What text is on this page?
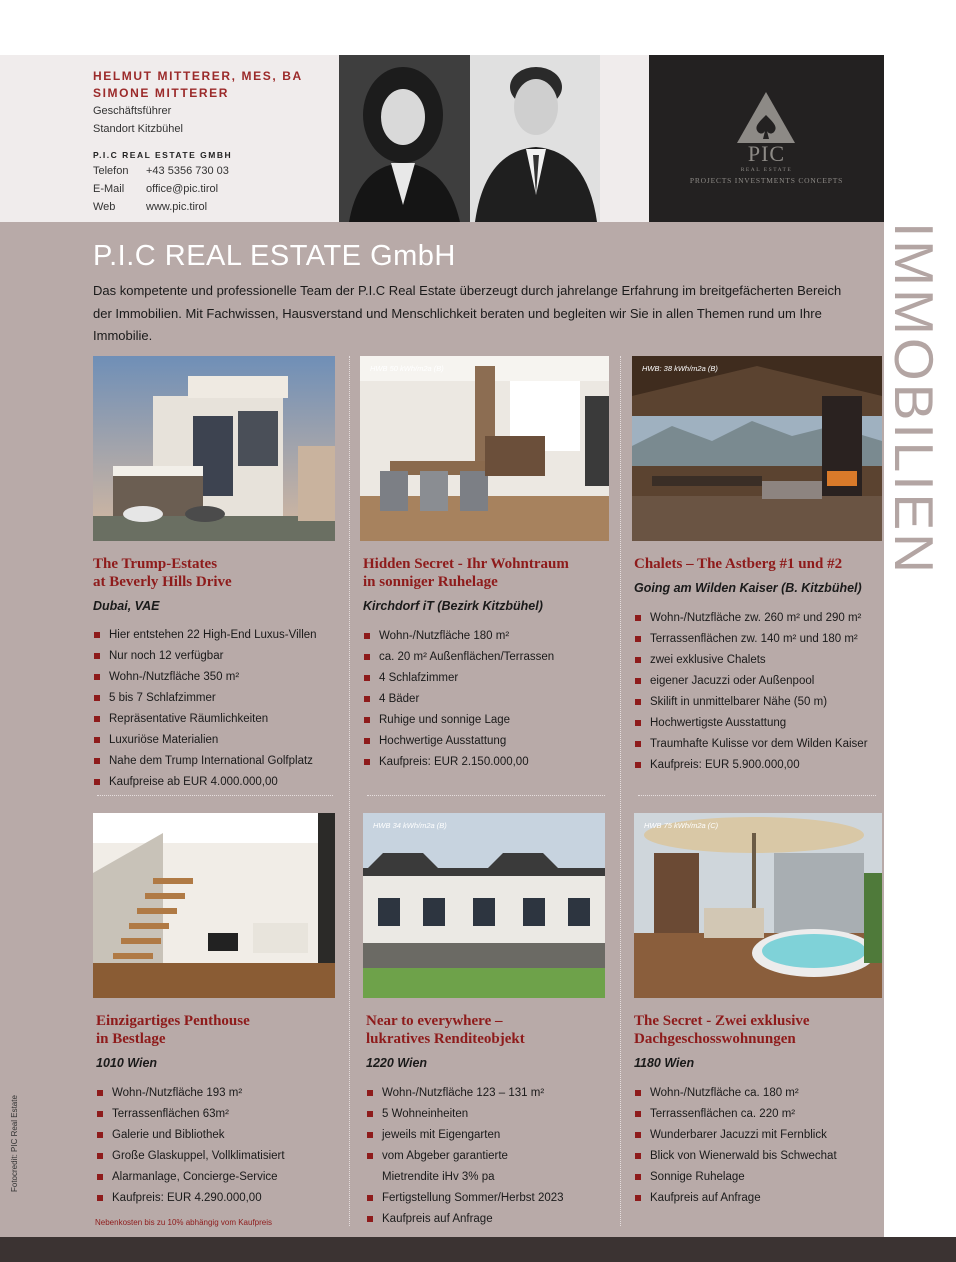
HELMUT MITTERER, MES, BA
SIMONE MITTERER
Geschäftsführer
Standort Kitzbühel
P.I.C REAL ESTATE GMBH
Telefon +43 5356 730 03
E-Mail office@pic.tirol
Web	www.pic.tirol
PIC
REAL ESTATE
PROJECTS INVESTMENTS CONCEPTS
IMMOBILIEN
P.I.C REAL ESTATE GmbH
Das kompetente und professionelle Team der P.I.C Real Estate überzeugt durch jahrelange Erfahrung im breitgefächerten Bereich der Immobilien. Mit Fachwissen, Hausverstand und Menschlichkeit beraten und begleiten wir Sie in allen Themen rund um Ihre Immobilie.
HWB 50 kWh/m2a (B)	HWB: 38 kWh/m2a (B)
The Trump-Estates
at Beverly Hills Drive
Dubai, VAE
Hier entstehen 22 High-End Luxus-Villen
Nur noch 12 verfügbar
Wohn-/Nutzfläche 350 m²
5 bis 7 Schlafzimmer
Repräsentative Räumlichkeiten
Luxuriöse Materialien
Nahe dem Trump International Golfplatz
Kaufpreise ab EUR 4.000.000,00
Hidden Secret - Ihr Wohntraum
in sonniger Ruhelage
Kirchdorf iT (Bezirk Kitzbühel)
Wohn-/Nutzfläche 180 m²
ca. 20 m² Außenflächen/Terrassen
4 Schlafzimmer
4 Bäder
Ruhige und sonnige Lage
Hochwertige Ausstattung
Kaufpreis: EUR 2.150.000,00
Chalets – The Astberg #1 und #2
Going am Wilden Kaiser (B. Kitzbühel)
Wohn-/Nutzfläche zw. 260 m² und 290 m²
Terrassenflächen zw. 140 m² und 180 m²
zwei exklusive Chalets
eigener Jacuzzi oder Außenpool
Skilift in unmittelbarer Nähe (50 m)
Hochwertigste Ausstattung
Traumhafte Kulisse vor dem Wilden Kaiser
Kaufpreis: EUR 5.900.000,00
HWB 109 kWh/m2a (D)	HWB 34 kWh/m2a (B)	HWB 75 kWh/m2a (C)
Einzigartiges Penthouse
in Bestlage
1010 Wien
Wohn-/Nutzfläche 193 m²
Terrassenflächen 63m²
Galerie und Bibliothek
Große Glaskuppel, Vollklimatisiert
Alarmanlage, Concierge-Service
Kaufpreis: EUR 4.290.000,00
Near to everywhere –
lukratives Renditeobjekt
1220 Wien
Wohn-/Nutzfläche 123 – 131 m²
5 Wohneinheiten
jeweils mit Eigengarten
vom Abgeber garantierte
Mietrendite iHv 3% pa
Fertigstellung Sommer/Herbst 2023
Kaufpreis auf Anfrage
The Secret - Zwei exklusive
Dachgeschosswohnungen
1180 Wien
Wohn-/Nutzfläche ca. 180 m²
Terrassenflächen ca. 220 m²
Wunderbarer Jacuzzi mit Fernblick
Blick von Wienerwald bis Schwechat
Sonnige Ruhelage
Kaufpreis auf Anfrage
Nebenkosten bis zu 10% abhängig vom Kaufpreis
Fotocredit: PIC Real Estate
